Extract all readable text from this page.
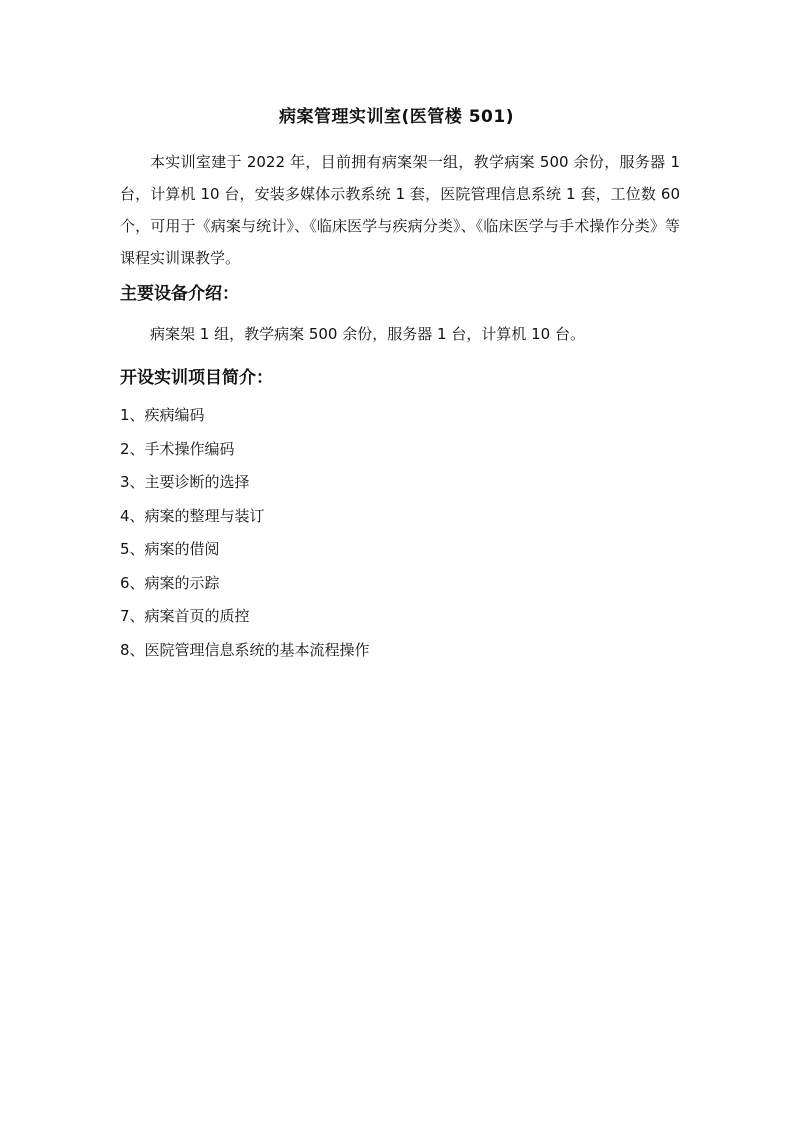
病案管理实训室(医管楼 501)

本实训室建于 2022 年，目前拥有病案架一组，教学病案 500 余份，服务器 1 台，计算机 10 台，安装多媒体示教系统 1 套，医院管理信息系统 1 套，工位数 60 个，可用于《病案与统计》、《临床医学与疾病分类》、《临床医学与手术操作分类》等课程实训课教学。

主要设备介绍：

病案架 1 组，教学病案 500 余份，服务器 1 台，计算机 10 台。

开设实训项目简介：
1、疾病编码
2、手术操作编码
3、主要诊断的选择
4、病案的整理与装订
5、病案的借阅
6、病案的示踪
7、病案首页的质控
8、医院管理信息系统的基本流程操作
